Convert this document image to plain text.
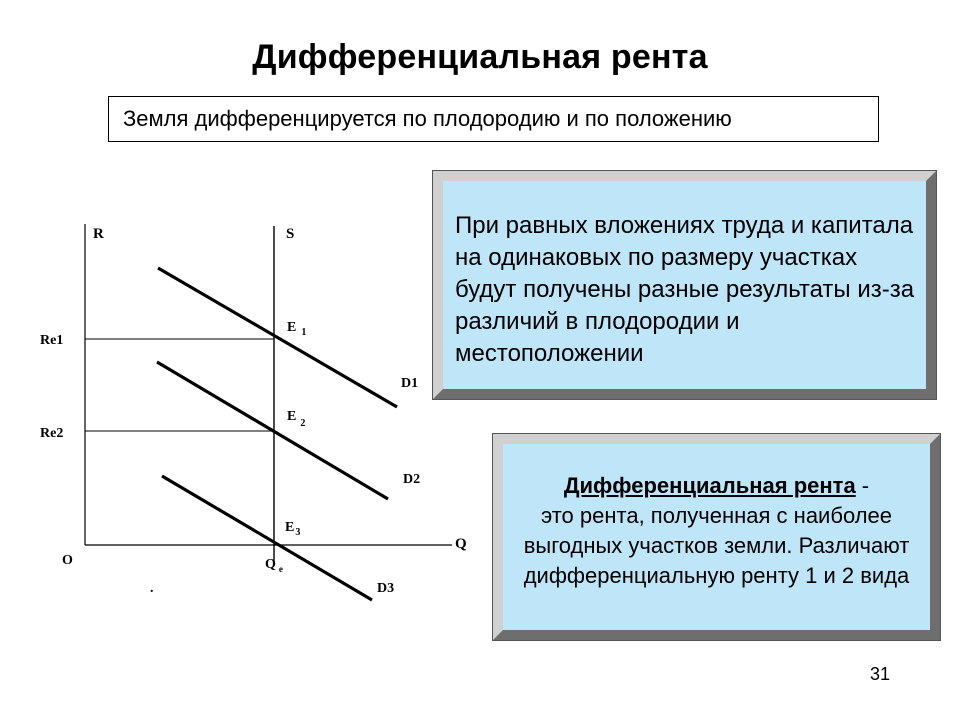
Дифференциальная рента
Земля дифференцируется по плодородию и по положению
При равных вложениях труда и капитала на одинаковых по размеру участках будут получены разные результаты из-за различий в плодородии и местоположении
Дифференциальная рента -
это рента, полученная с наиболее выгодных участков земли. Различают дифференциальную ренту 1 и 2 вида
R	S
Q
O
Re1
Re2
D1
D2
D3
E $_1$
E $_2$
$E_3$
Q $_e$
.
31
